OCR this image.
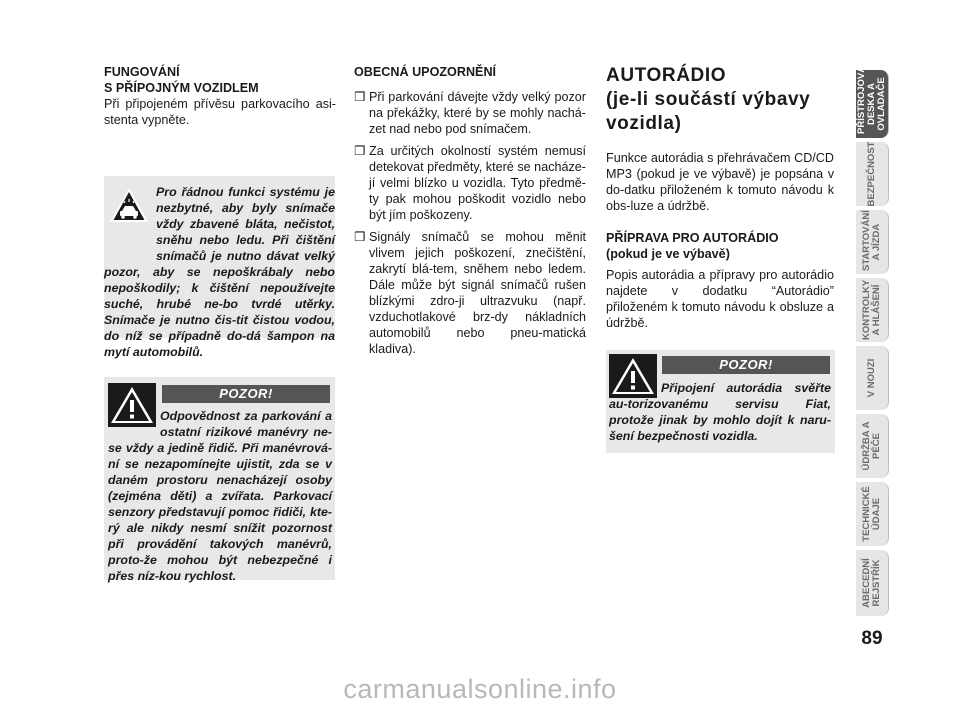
FUNGOVÁNÍ
S PŘÍPOJNÝM VOZIDLEM

Při připojeném přívěsu parkovacího asi-stenta vypněte.

Pro řádnou funkci systému je nezbytné, aby byly snímače vždy zbavené bláta, nečistot, sněhu nebo ledu. Při čištění snímačů je nutno dávat velký pozor, aby se nepoškrábaly nebo nepoškodily; k čištění nepoužívejte suché, hrubé ne-bo tvrdé utěrky. Snímače je nutno čis-tit čistou vodou, do níž se případně do-dá šampon na mytí automobilů.
POZOR!
Odpovědnost za parkování a ostatní rizikové manévry ne-se vždy a jedině řidič. Při manévrová-ní se nezapomínejte ujistit, zda se v daném prostoru nenacházejí osoby (zejména děti) a zvířata. Parkovací senzory představují pomoc řidiči, kte-rý ale nikdy nesmí snížit pozornost při provádění takových manévrů, proto-že mohou být nebezpečné i přes níz-kou rychlost.
OBECNÁ UPOZORNĚNÍ
❒ Při parkování dávejte vždy velký pozor na překážky, které by se mohly nachá-zet nad nebo pod snímačem.
❒ Za určitých okolností systém nemusí detekovat předměty, které se nacháze-jí velmi blízko u vozidla. Tyto předmě-ty pak mohou poškodit vozidlo nebo být jím poškozeny.
❒ Signály snímačů se mohou měnit vlivem jejich poškození, znečištění, zakrytí blá-tem, sněhem nebo ledem. Dále může být signál snímačů rušen blízkými zdro-ji ultrazvuku (např. vzduchotlakové brz-dy nákladních automobilů nebo pneu-matická kladiva).
AUTORÁDIO
(je-li součástí výbavy
vozidla)

Funkce autorádia s přehrávačem CD/CD MP3 (pokud je ve výbavě) je popsána v do-datku přiloženém k tomuto návodu k obs-luze a údržbě.

PŘÍPRAVA PRO AUTORÁDIO
(pokud je ve výbavě)

Popis autorádia a přípravy pro autorádio najdete v dodatku “Autorádio” přiloženém k tomuto návodu k obsluze a údržbě.

POZOR!
Připojení autorádia svěřte au-torizovanému servisu Fiat, protože jinak by mohlo dojít k naru-šení bezpečnosti vozidla.
PŘÍSTROJOVÁ DESKA A OVLADAČE
BEZPEČNOST
STARTOVÁNÍ A JÍZDA
KONTROLKY A HLÁŠENÍ
V NOUZI
ÚDRŽBA A PÉČE
TECHNICKÉ ÚDAJE
ABECEDNÍ REJSTŘÍK
89
carmanualsonline.info
